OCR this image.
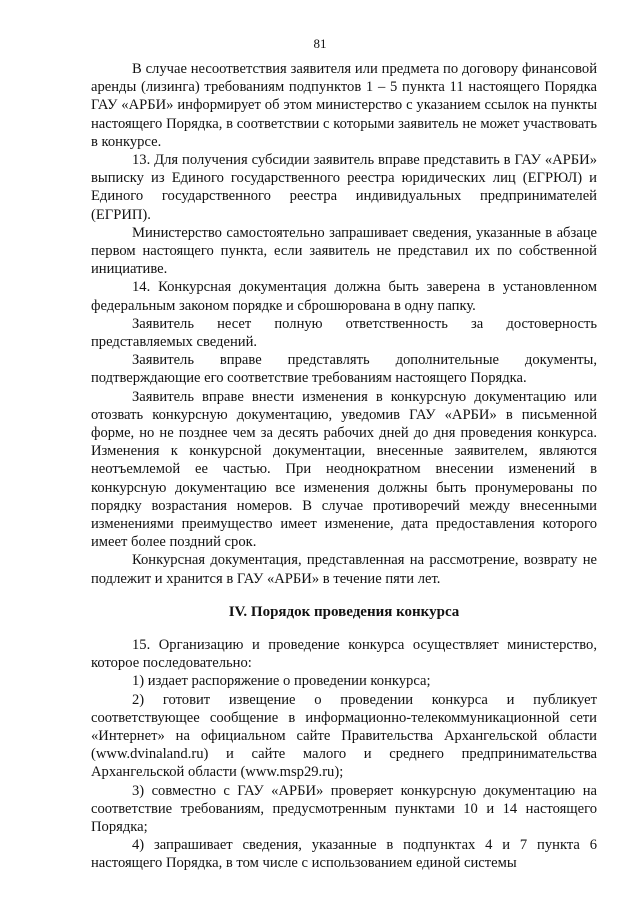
81

В случае несоответствия заявителя или предмета по договору финансовой аренды (лизинга) требованиям подпунктов 1 – 5 пункта 11 настоящего Порядка ГАУ «АРБИ» информирует об этом министерство с указанием ссылок на пункты настоящего Порядка, в соответствии с которыми заявитель не может участвовать в конкурсе.

13. Для получения субсидии заявитель вправе представить в ГАУ «АРБИ» выписку из Единого государственного реестра юридических лиц (ЕГРЮЛ) и Единого государственного реестра индивидуальных предпринимателей (ЕГРИП).

Министерство самостоятельно запрашивает сведения, указанные в абзаце первом настоящего пункта, если заявитель не представил их по собственной инициативе.

14. Конкурсная документация должна быть заверена в установленном федеральным законом порядке и сброшюрована в одну папку.

Заявитель несет полную ответственность за достоверность представляемых сведений.

Заявитель вправе представлять дополнительные документы, подтверждающие его соответствие требованиям настоящего Порядка.

Заявитель вправе внести изменения в конкурсную документацию или отозвать конкурсную документацию, уведомив ГАУ «АРБИ» в письменной форме, но не позднее чем за десять рабочих дней до дня проведения конкурса. Изменения к конкурсной документации, внесенные заявителем, являются неотъемлемой ее частью. При неоднократном внесении изменений в конкурсную документацию все изменения должны быть пронумерованы по порядку возрастания номеров. В случае противоречий между внесенными изменениями преимущество имеет изменение, дата предоставления которого имеет более поздний срок.

Конкурсная документация, представленная на рассмотрение, возврату не подлежит и хранится в ГАУ «АРБИ» в течение пяти лет.

IV. Порядок проведения конкурса

15. Организацию и проведение конкурса осуществляет министерство, которое последовательно:

1) издает распоряжение о проведении конкурса;

2) готовит извещение о проведении конкурса и публикует соответствующее сообщение в информационно-телекоммуникационной сети «Интернет» на официальном сайте Правительства Архангельской области (www.dvinaland.ru) и сайте малого и среднего предпринимательства Архангельской области (www.msp29.ru);

3) совместно с ГАУ «АРБИ» проверяет конкурсную документацию на соответствие требованиям, предусмотренным пунктами 10 и 14 настоящего Порядка;

4) запрашивает сведения, указанные в подпунктах 4 и 7 пункта 6 настоящего Порядка, в том числе с использованием единой системы
